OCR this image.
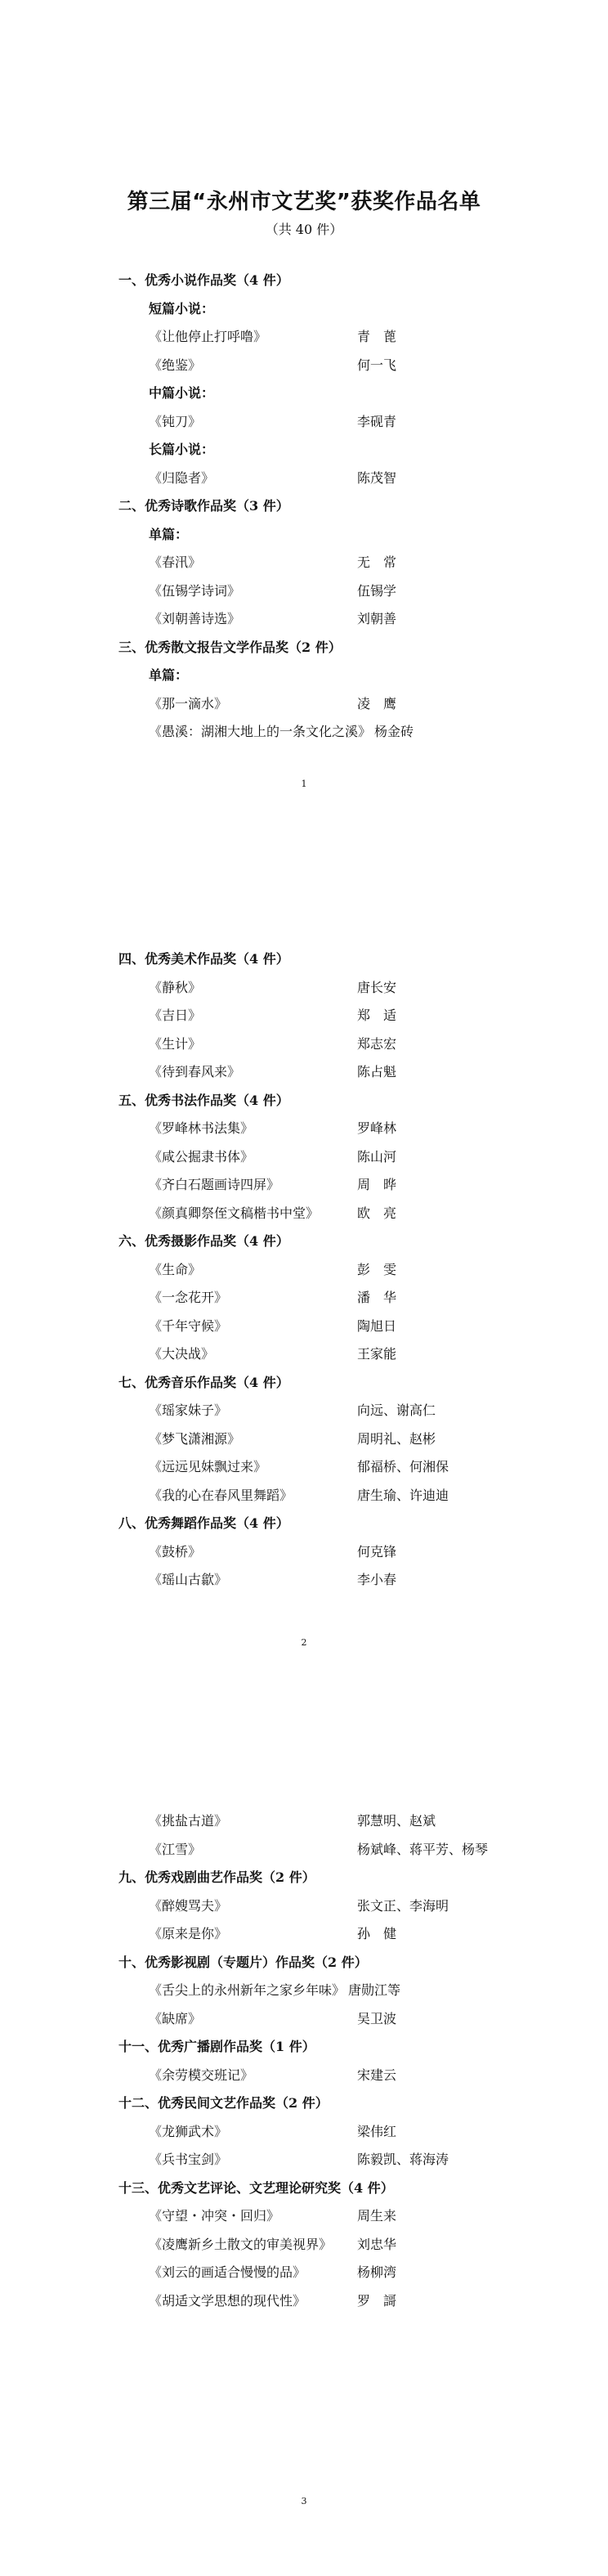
第三届“永州市文艺奖”获奖作品名单
（共 40 件）
一、优秀小说作品奖（4 件）
短篇小说：
《让他停止打呼噜》	青　蓖
《绝鉴》	何一飞
中篇小说：
《钝刀》	李砚青
长篇小说：
《归隐者》	陈茂智
二、优秀诗歌作品奖（3 件）
单篇：
《春汛》	无　常
《伍锡学诗词》	伍锡学
《刘朝善诗选》	刘朝善
三、优秀散文报告文学作品奖（2 件）
单篇：
《那一滴水》	凌　鹰
《愚溪：湖湘大地上的一条文化之溪》 杨金砖
1
四、优秀美术作品奖（4 件）
《静秋》	唐长安
《吉日》	郑　适
《生计》	郑志宏
《待到春风来》	陈占魁
五、优秀书法作品奖（4 件）
《罗峰林书法集》	罗峰林
《咸公掘隶书体》	陈山河
《齐白石题画诗四屏》	周　晔
《颜真卿祭侄文稿楷书中堂》	欧　亮
六、优秀摄影作品奖（4 件）
《生命》	彭　雯
《一念花开》	潘　华
《千年守候》	陶旭日
《大决战》	王家能
七、优秀音乐作品奖（4 件）
《瑶家妹子》	向远、谢高仁
《梦飞潇湘源》	周明礼、赵彬
《远远见妹飘过来》	郁福桥、何湘保
《我的心在春风里舞蹈》	唐生瑜、许迪迪
八、优秀舞蹈作品奖（4 件）
《鼓桥》	何克锋
《瑶山古歙》	李小春
2
《挑盐古道》	郭慧明、赵斌
《江雪》	杨斌峰、蒋平芳、杨琴
九、优秀戏剧曲艺作品奖（2 件）
《醉嫂骂夫》	张文正、李海明
《原来是你》	孙　健
十、优秀影视剧（专题片）作品奖（2 件）
《舌尖上的永州新年之家乡年味》 唐勋江等
《缺席》	吴卫波
十一、优秀广播剧作品奖（1 件）
《余劳模交班记》	宋建云
十二、优秀民间文艺作品奖（2 件）
《龙狮武术》	梁伟红
《兵书宝剑》	陈毅凯、蒋海涛
十三、优秀文艺评论、文艺理论研究奖（4 件）
《守望・冲突・回归》	周生来
《凌鹰新乡土散文的审美视界》 刘忠华
《刘云的画适合慢慢的品》	杨柳湾
《胡适文学思想的现代性》	罗　謌
3
